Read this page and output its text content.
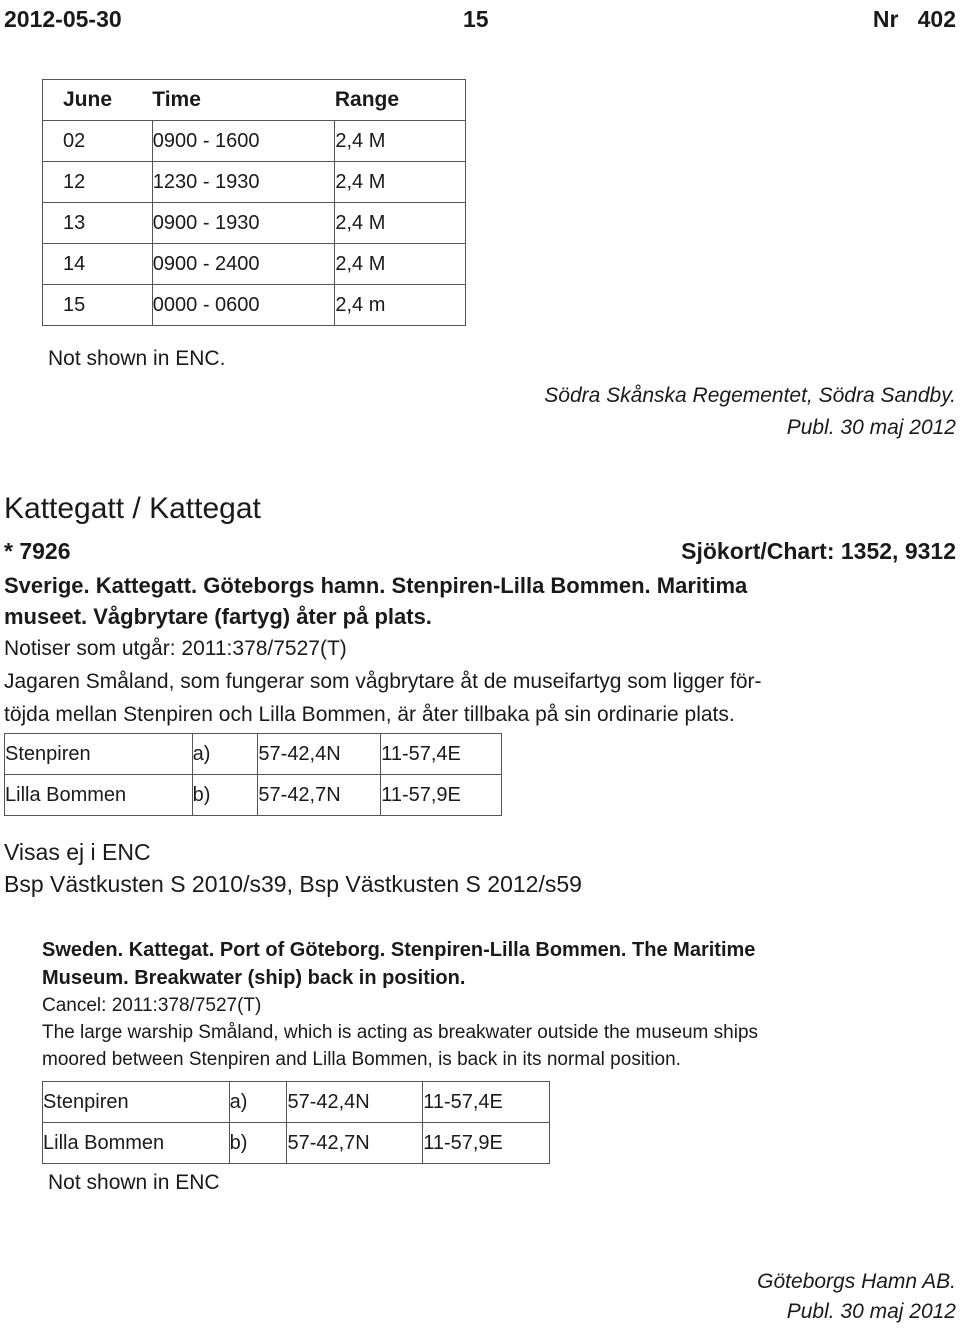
2012-05-30	15	Nr   402
June	Time	Range
02	0900 - 1600	2,4 M
12	1230 - 1930	2,4 M
13	0900 - 1930	2,4 M
14	0900 - 2400	2,4 M
15	0000 - 0600	2,4 m
Not shown in ENC.
Södra Skånska Regementet, Södra Sandby.
Publ. 30 maj 2012
Kattegatt / Kattegat
* 7926	Sjökort/Chart: 1352, 9312
Sverige. Kattegatt. Göteborgs hamn. Stenpiren-Lilla Bommen. Maritima
museet. Vågbrytare (fartyg) åter på plats.
Notiser som utgår: 2011:378/7527(T)
Jagaren Småland, som fungerar som vågbrytare åt de museifartyg som ligger för-
töjda mellan Stenpiren och Lilla Bommen, är åter tillbaka på sin ordinarie plats.
Stenpiren	a)	57-42,4N	11-57,4E
Lilla Bommen	b)	57-42,7N	11-57,9E
Visas ej i ENC
Bsp Västkusten S 2010/s39, Bsp Västkusten S 2012/s59
Sweden. Kattegat. Port of Göteborg. Stenpiren-Lilla Bommen. The Maritime
Museum. Breakwater (ship) back in position.
Cancel: 2011:378/7527(T)
The large warship Småland, which is acting as breakwater outside the museum ships
moored between Stenpiren and Lilla Bommen, is back in its normal position.
Stenpiren	a)	57-42,4N	11-57,4E
Lilla Bommen	b)	57-42,7N	11-57,9E
Not shown in ENC
Göteborgs Hamn AB.
Publ. 30 maj 2012
